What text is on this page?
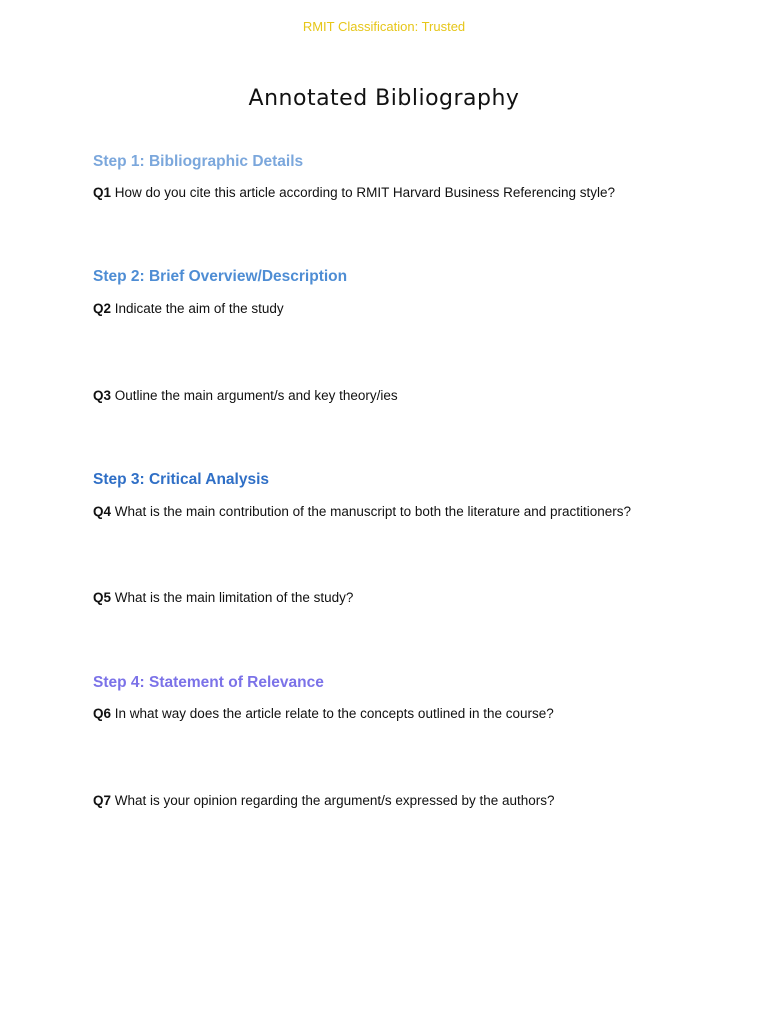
RMIT Classification: Trusted
Annotated Bibliography
Step 1: Bibliographic Details

Q1 How do you cite this article according to RMIT Harvard Business Referencing style?

Step 2: Brief Overview/Description

Q2 Indicate the aim of the study

Q3 Outline the main argument/s and key theory/ies

Step 3: Critical Analysis

Q4 What is the main contribution of the manuscript to both the literature and practitioners?

Q5 What is the main limitation of the study?

Step 4: Statement of Relevance

Q6 In what way does the article relate to the concepts outlined in the course?

Q7 What is your opinion regarding the argument/s expressed by the authors?
